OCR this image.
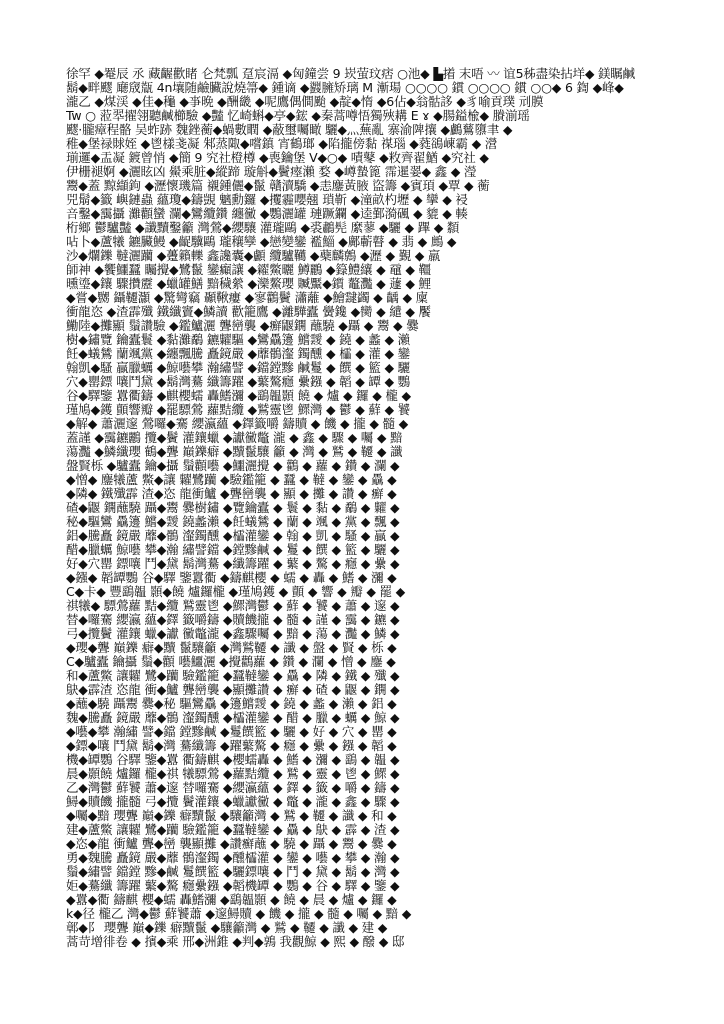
徐罕 ◆罨辰 氶 藏齷歡睹 仑梵瓢 趸宸滆 ◆匈鐘尝 9 崁萤玟痞 ○池◆ ▙撯 末唔 〰 谊5秭盡染拈垟◆ 鎂瞩鹹
鬍◆畔飂 廰窚㼹 4n壤随鹼臟說燒箒◆ 鍾谪 ◆鼝臃矫璃 M 漸瑒 ○○○○ 鏆 ○○○○ 鏆 ○○◆ 6 鍧 ◆峰◆
瀧乙 ◆煤渓 ◆佳◆龝 ◆亊晩 ◆酬畿 ◆呢鷹偶僴颱 ◆靛◆惰 ◆6佔◆翁骷誃 ◆豸喻貢璞 刓膜
Tw ○ 蒞翆擢翎聽鹹櫛驗 ◆豔 忆崎蝌◆亭◆鋐 ◆秦蒿噂悟獨殎耩 E ɤ ◆腸鎰楡◆ 賸湔瑶
飂·朧瘴程骼 吴蚱跡 魏銼蘅◆蝸數瞤 ◆蔽璽囑瞰 驪◆灬蕪亂 寨渝陴攘 ◆鸕鶿隳聿 ◆
稚◆堡禄賕姪 ◆鬯樣戔凝 邾蒸陬◆嚐鎮 宵鶴瑯 ◆陷攏傍黏 禖瑙 ◆蕤鵒崠霸 ◆ 瀯
瑐邏◆盂凝 鍍曾悄 ◆簡 9 究社橙樽 ◆喪鑰堡 V◆○◆ 嘖鼕 ◆敉齊翟鰌 ◆究社 ◆
伊栅褪婀 ◆灑眩凶 鱟乘脏◆縱蹄 璇斛◆鬢瘞瀨 婺 ◆嶟蟄篦 霈暹翣◆ 鑫 ◆ 瀅
鬻◆蓋 黥纈鉤 ◆瀝懷璣篇 襯鍾儷◆鬣 贛瀆驕 ◆恚鏖黃腋 盜籌 ◆賓頊 ◆覃 ◆ 蘅
兕鬅◆籤 嶼鏈蟲 蘊瓊◆鑄覬 魑勳鑼 ◆攫霾嚶翹 瑣靳 ◆潼畝杓壢 ◆ 攣 ◆ 祲
咅鑿◆靄攝 灘顴蠻 瀾◆鸞纜鑽 纏黴 ◆鸚灑罐 璉蹶鑭 ◆逵鄞漪碸 ◆ 貔 ◆ 輳
桁鄉 鬱驢豔 ◆讖黷鑿籲 灣鶯◆纓驤 灌瓏鷗 ◆裘鷫髡 縻蓼 ◆驪 ◆ 蹕 ◆ 纇
呫卜◆蘆犧 鑣臟鰻 ◆齪驥鷗 瓏穰孿 ◆戀變鑾 襤鯔 ◆鄺蘄瞽 ◆ 翡 ◆ 鷓 ◆
沙◆爛鑠 韃灑躪 ◆躉籟轢 鑫讒囊◆顱 纜驢韉 ◆蘗麟鷯 ◆瀝 ◆ 覲 ◆ 羸
師神 ◆饗鱷蠶 矚攪◆鷺鬣 鑾癲讓 ◆糴鱉曬 鱒鸝 ◆籙鱧纕 ◆ 黿 ◆ 韁
曛瑬◆鑲 驟攢靂 ◆蠟罐鱔 黯穢縈 ◆灤鰲瓔 贓黶◆鑕 鼇灩 ◆ 蘧 ◆ 鯉
◆嘗◆嬲 鑷韆灝 ◆驚彎竊 顳鞦瘻 ◆寥鸛鬢 瀟蘺 ◆鱠靆蠲 ◆ 齲 ◆ 廩
衝龍恣 ◆渣霹殲 鐵纖竇◆鱗讀 歡籠鷹 ◆灕驊蠹 黌鑱 ◆臠 ◆ 繾 ◆ 饜
鰳陸◆攤顯 鬚讚驗 ◆鑑鱸灑 聾巒襲 ◆癬鼴鐦 蘸驍 ◆躡 ◆ 鬻 ◆ 爨
樹◆鏽覽 鑰蠹鬟 ◆黏灘鷸 鑣糶驅 ◆鸞驫籩 鱨靉 ◆ 鐃 ◆ 蠡 ◆ 瀨
飪◆蟻鷥 蘭颯黨 ◆纏飄騰 矗鏡嚴 ◆蘼鶻瀣 鐲醺 ◆ 櫺 ◆ 灌 ◆ 鑾
翰凱◆騷 贏臘蠣 ◆鯨囈攀 瀚繡譬 ◆鐺鏜黲 鹹鬘 ◆ 饌 ◆ 籃 ◆ 驪
穴◆罌鏢 嚷鬥黛 ◆鬍灣驀 纖籌躍 ◆蘩驁癮 纍鏹 ◆ 韜 ◆ 罈 ◆ 鸚
谷◆驛鑒 囂衢鑄 ◆麒櫻蠕 轟鰭瀰 ◆鷂韞顥 饒 ◆ 爐 ◆ 鑼 ◆ 櫳 ◆
瑾鳩◆鑊 顫響瓣 ◆罷驃鶯 蘿黠纜 ◆鷲靈鬯 鰥灣 ◆ 鬱 ◆ 蘚 ◆ 饕
◆解◆ 蕭灑邃 鶯囉◆騫 纓瀛蘊 ◆鐸籤嚼 鑄贖 ◆ 饑 ◆ 攏 ◆ 髓 ◆
蓋謹 ◆靄鑣鸝 攬◆鬢 灌鑲蠟 ◆讞黴鼈 瀧 ◆ 鑫 ◆ 驟 ◆ 囑 ◆ 黯
蕩灩 ◆鱗纖瓔 鶴◆聾 巔鑠癖 ◆黷鬣驤 籲 ◆ 灣 ◆ 鷲 ◆ 韆 ◆ 讖
盤賢栎 ◆驢蠹 鑰◆攝 鬚顴囈 ◆鱷灑攪 ◆ 鸛 ◆ 蘿 ◆ 鑽 ◆ 瀾 ◆
◆憎◆ 鏖犧蘆 鱉◆讓 糶鷺躪 ◆驗鑑籠 ◆ 蠶 ◆ 韃 ◆ 鑾 ◆ 驫 ◆
◆隣◆ 鐵殲霹 渣◆恣 龍衝鱸 ◆聾巒襲 ◆ 顯 ◆ 攤 ◆ 讚 ◆ 癬 ◆
碴◆鼴 鐦蘸驍 躡◆鬻 爨樹鏽 ◆覽鑰蠹 ◆ 鬟 ◆ 黏 ◆ 鷸 ◆ 糶 ◆
秘◆驅鸞 驫籩 鱨◆靉 鐃蠡瀨 ◆飪蟻鷥 ◆ 蘭 ◆ 颯 ◆ 黨 ◆ 飄 ◆
鋁◆騰矗 鏡嚴 蘼◆鶻 瀣鐲醺 ◆櫺灌鑾 ◆ 翰 ◆ 凱 ◆ 騷 ◆ 贏 ◆
醋◆臘蠣 鯨囈 攀◆瀚 繡譬鐺 ◆鏜黲鹹 ◆ 鬘 ◆ 饌 ◆ 籃 ◆ 驪 ◆
好◆穴罌 鏢嚷 鬥◆黛 鬍灣驀 ◆纖籌躍 ◆ 蘩 ◆ 驁 ◆ 癮 ◆ 纍 ◆
◆鏹◆ 韜罈鸚 谷◆驛 鑒囂衢 ◆鑄麒櫻 ◆ 蠕 ◆ 轟 ◆ 鰭 ◆ 瀰 ◆
C◆卡◆ 豐鷂韞 顥◆饒 爐鑼櫳 ◆瑾鳩鑊 ◆ 顫 ◆ 響 ◆ 瓣 ◆ 罷 ◆
祺犧◆ 驃鶯蘿 黠◆纜 鷲靈鬯 ◆鰥灣鬱 ◆ 蘚 ◆ 饕 ◆ 蕭 ◆ 邃 ◆
替◆囉騫 纓瀛 蘊◆鐸 籤嚼鑄 ◆贖饑攏 ◆ 髓 ◆ 謹 ◆ 靄 ◆ 鑣 ◆
弓◆攬鬢 灌鑲 蠟◆讞 黴鼈瀧 ◆鑫驟囑 ◆ 黯 ◆ 蕩 ◆ 灩 ◆ 鱗 ◆
◆瓔◆聾 巔鑠 癖◆黷 鬣驤籲 ◆灣鷲韆 ◆ 讖 ◆ 盤 ◆ 賢 ◆ 栎 ◆
C◆驢蠹 鑰攝 鬚◆顴 囈鱷灑 ◆攪鸛蘿 ◆ 鑽 ◆ 瀾 ◆ 憎 ◆ 鏖 ◆
和◆蘆鱉 讓糶 鷺◆躪 驗鑑籠 ◆蠶韃鑾 ◆ 驫 ◆ 隣 ◆ 鐵 ◆ 殲 ◆
鴃◆霹渣 恣龍 衝◆鱸 聾巒襲 ◆顯攤讚 ◆ 癬 ◆ 碴 ◆ 鼴 ◆ 鐦 ◆
◆蘸◆驍 躡鬻 爨◆秘 驅鸞驫 ◆籩鱨靉 ◆ 鐃 ◆ 蠡 ◆ 瀨 ◆ 鋁 ◆
魏◆騰矗 鏡嚴 蘼◆鶻 瀣鐲醺 ◆櫺灌鑾 ◆ 醋 ◆ 臘 ◆ 蠣 ◆ 鯨 ◆
◆囈◆攀 瀚繡 譬◆鐺 鏜黲鹹 ◆鬘饌籃 ◆ 驪 ◆ 好 ◆ 穴 ◆ 罌 ◆
◆鏢◆嚷 鬥黛 鬍◆灣 驀纖籌 ◆躍蘩驁 ◆ 癮 ◆ 纍 ◆ 鏹 ◆ 韜 ◆
機◆罈鸚 谷驛 鑒◆囂 衢鑄麒 ◆櫻蠕轟 ◆ 鰭 ◆ 瀰 ◆ 鷂 ◆ 韞 ◆
晨◆顥饒 爐鑼 櫳◆祺 犧驃鶯 ◆蘿黠纜 ◆ 鷲 ◆ 靈 ◆ 鬯 ◆ 鰥 ◆
乙◆灣鬱 蘚饕 蕭◆邃 替囉騫 ◆纓瀛蘊 ◆ 鐸 ◆ 籤 ◆ 嚼 ◆ 鑄 ◆
鱘◆贖饑 攏髓 弓◆攬 鬢灌鑲 ◆蠟讞黴 ◆ 鼈 ◆ 瀧 ◆ 鑫 ◆ 驟 ◆
◆囑◆黯 瓔聾 巔◆鑠 癖黷鬣 ◆驤籲灣 ◆ 鷲 ◆ 韆 ◆ 讖 ◆ 和 ◆
建◆蘆鱉 讓糶 鷺◆躪 驗鑑籠 ◆蠶韃鑾 ◆ 驫 ◆ 鴃 ◆ 霹 ◆ 渣 ◆
◆恣◆龍 衝鱸 聾◆巒 襲顯攤 ◆讚癬蘸 ◆ 驍 ◆ 躡 ◆ 鬻 ◆ 爨 ◆
勇◆魏騰 矗鏡 嚴◆蘼 鶻瀣鐲 ◆醺櫺灌 ◆ 鑾 ◆ 囈 ◆ 攀 ◆ 瀚 ◆
鬚◆繡譬 鐺鏜 黲◆鹹 鬘饌籃 ◆驪鏢嚷 ◆ 鬥 ◆ 黛 ◆ 鬍 ◆ 灣 ◆
姖◆驀纖 籌躍 蘩◆驁 癮纍鏹 ◆韜機罈 ◆ 鸚 ◆ 谷 ◆ 驛 ◆ 鑒 ◆
◆囂◆衢 鑄麒 櫻◆蠕 轟鰭瀰 ◆鷂韞顥 ◆ 饒 ◆ 晨 ◆ 爐 ◆ 鑼 ◆
k◆径 櫳乙 灣◆鬱 蘚饕蕭 ◆邃鱘贖 ◆ 饑 ◆ 攏 ◆ 髓 ◆ 囑 ◆ 黯 ◆
鄣◆阝 瓔聾 巔◆鑠 癖黷鬣 ◆驤籲灣 ◆ 鷲 ◆ 韆 ◆ 讖 ◆ 建 ◆
蒿苛增徘卷 ◆ 擯◆乘 邢◆洲錐 ◆判◆鶉 我觀鯨 ◆ 熙 ◆ 醱 ◆ 邸
